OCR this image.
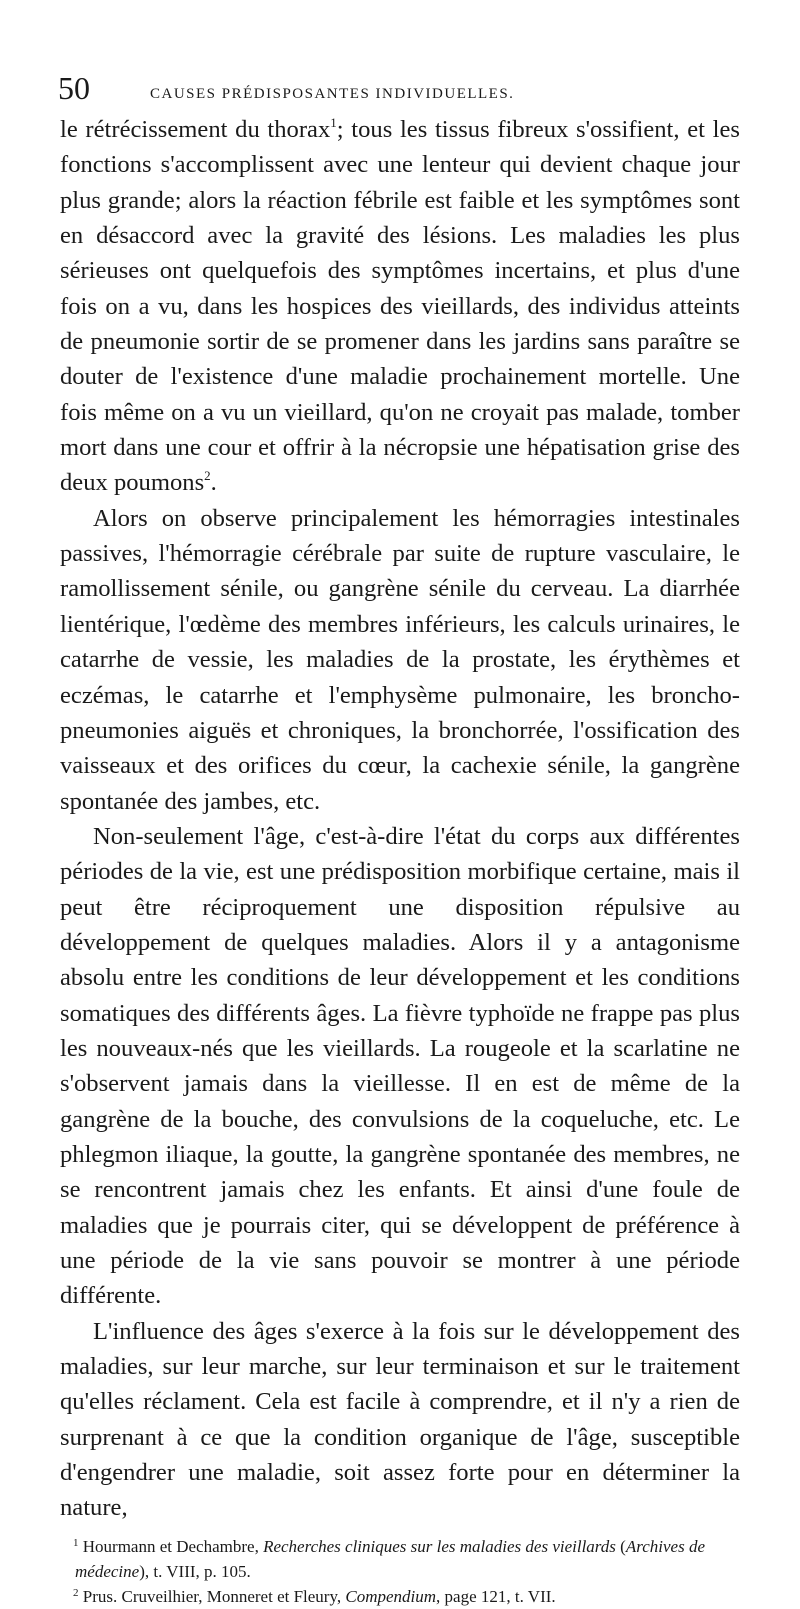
50	CAUSES PRÉDISPOSANTES INDIVIDUELLES.

le rétrécissement du thorax$^1$; tous les tissus fibreux s'ossifient, et les fonctions s'accomplissent avec une lenteur qui devient chaque jour plus grande; alors la réaction fébrile est faible et les symptômes sont en désaccord avec la gravité des lésions. Les maladies les plus sérieuses ont quelquefois des symptômes incertains, et plus d'une fois on a vu, dans les hospices des vieillards, des individus atteints de pneumonie sortir de se promener dans les jardins sans paraître se douter de l'existence d'une maladie prochainement mortelle. Une fois même on a vu un vieillard, qu'on ne croyait pas malade, tomber mort dans une cour et offrir à la nécropsie une hépatisation grise des deux poumons$^2$.

Alors on observe principalement les hémorragies intestinales passives, l'hémorragie cérébrale par suite de rupture vasculaire, le ramollissement sénile, ou gangrène sénile du cerveau. La diarrhée lientérique, l'œdème des membres inférieurs, les calculs urinaires, le catarrhe de vessie, les maladies de la prostate, les érythèmes et eczémas, le catarrhe et l'emphysème pulmonaire, les broncho-pneumonies aiguës et chroniques, la bronchorrée, l'ossification des vaisseaux et des orifices du cœur, la cachexie sénile, la gangrène spontanée des jambes, etc.

Non-seulement l'âge, c'est-à-dire l'état du corps aux différentes périodes de la vie, est une prédisposition morbifique certaine, mais il peut être réciproquement une disposition répulsive au développement de quelques maladies. Alors il y a antagonisme absolu entre les conditions de leur développement et les conditions somatiques des différents âges. La fièvre typhoïde ne frappe pas plus les nouveaux-nés que les vieillards. La rougeole et la scarlatine ne s'observent jamais dans la vieillesse. Il en est de même de la gangrène de la bouche, des convulsions de la coqueluche, etc. Le phlegmon iliaque, la goutte, la gangrène spontanée des membres, ne se rencontrent jamais chez les enfants. Et ainsi d'une foule de maladies que je pourrais citer, qui se développent de préférence à une période de la vie sans pouvoir se montrer à une période différente.

L'influence des âges s'exerce à la fois sur le développement des maladies, sur leur marche, sur leur terminaison et sur le traitement qu'elles réclament. Cela est facile à comprendre, et il n'y a rien de surprenant à ce que la condition organique de l'âge, susceptible d'engendrer une maladie, soit assez forte pour en déterminer la nature,

$^1$ Hourmann et Dechambre, Recherches cliniques sur les maladies des vieillards (Archives de médecine), t. VIII, p. 105.

$^2$ Prus. Cruveilhier, Monneret et Fleury, Compendium, page 121, t. VII.
